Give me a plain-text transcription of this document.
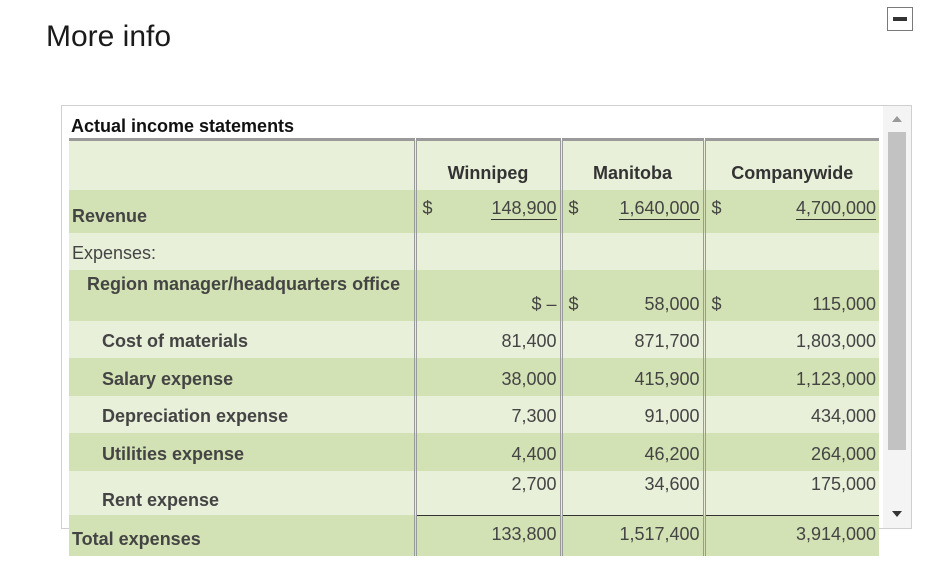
More info
Actual income statements
	Winnipeg		Manitoba		Companywide	
Revenue	$	148,900	$	1,640,000	$	4,700,000
Expenses:						
Region manager/headquarters office		$ –	$	58,000	$	115,000
Cost of materials		81,400		871,700		1,803,000
Salary expense		38,000		415,900		1,123,000
Depreciation expense		7,300		91,000		434,000
Utilities expense		4,400		46,200		264,000
Rent expense		2,700		34,600		175,000
Total expenses		133,800		1,517,400		3,914,000
